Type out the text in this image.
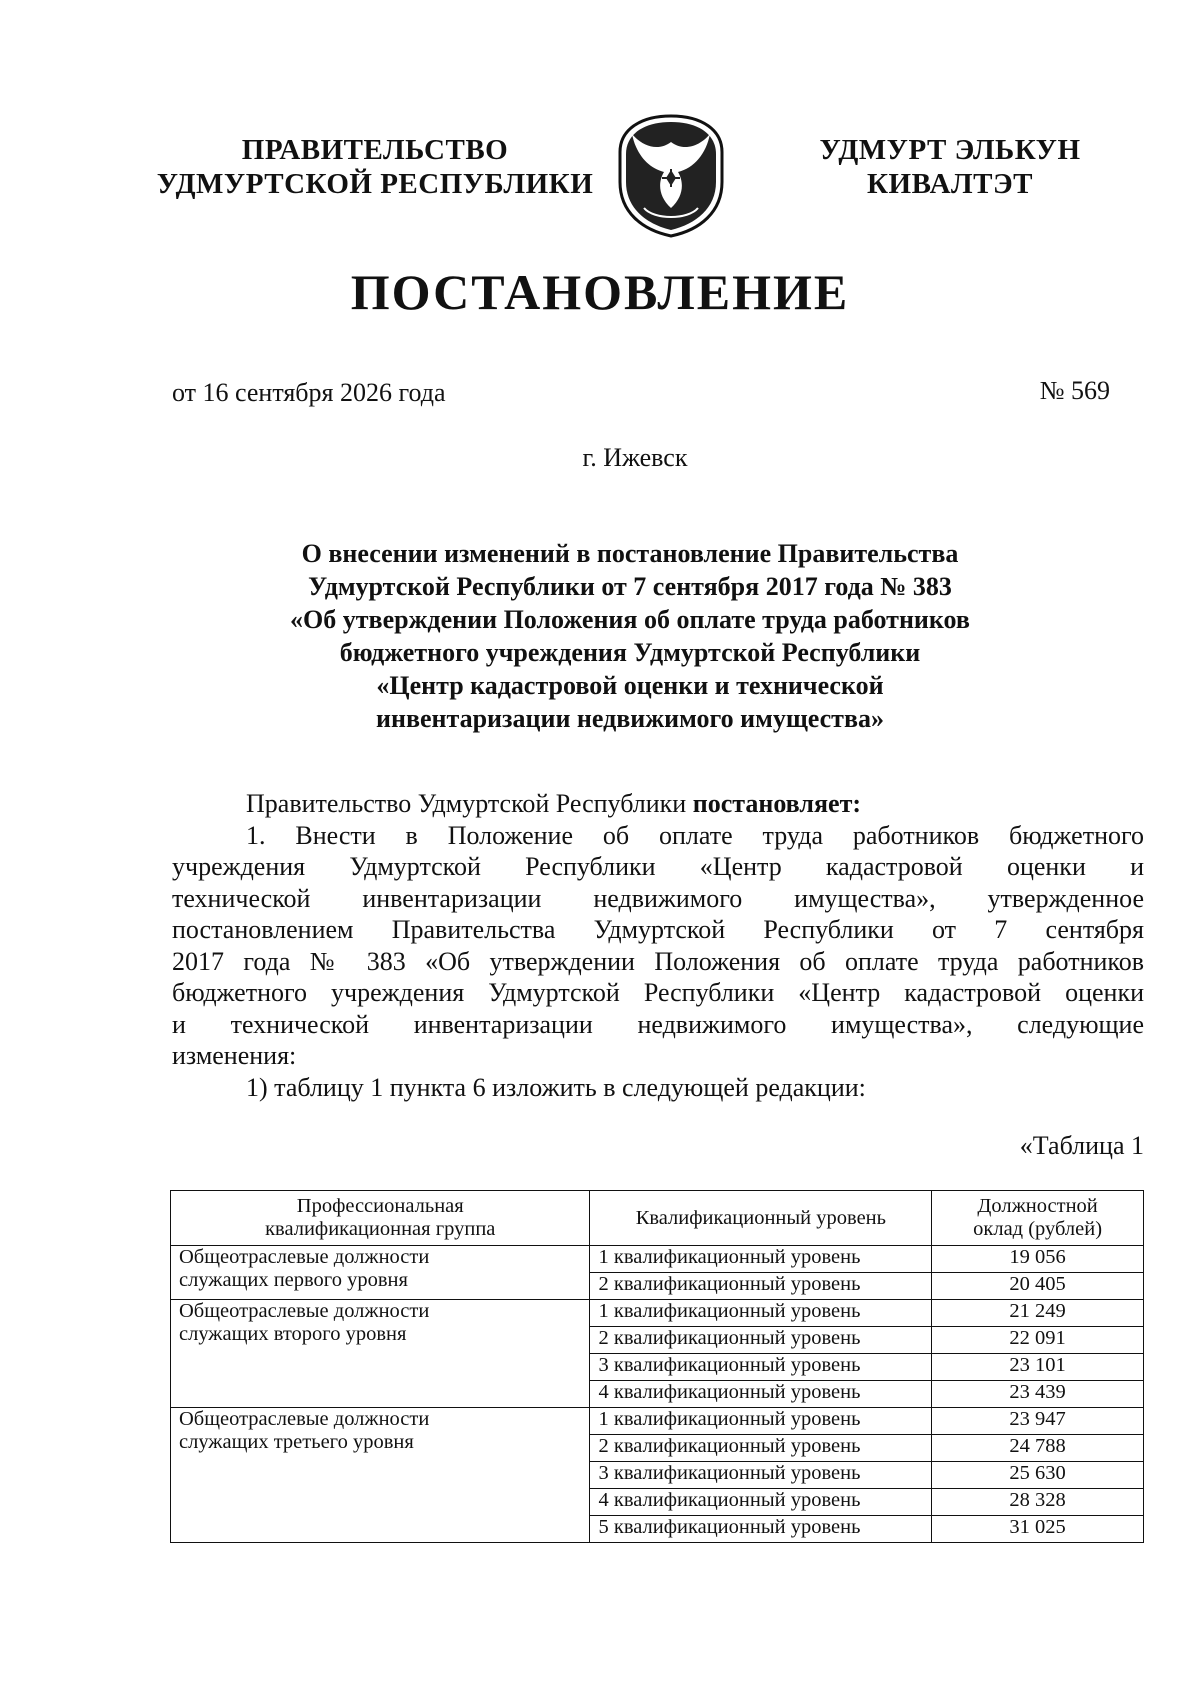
ПРАВИТЕЛЬСТВО
УДМУРТСКОЙ РЕСПУБЛИКИ
УДМУРТ ЭЛЬКУН
КИВАЛТЭТ
ПОСТАНОВЛЕНИЕ
от 16 сентября 2026 года	№ 569
г. Ижевск
О внесении изменений в постановление Правительства
Удмуртской Республики от 7 сентября 2017 года № 383
«Об утверждении Положения об оплате труда работников
бюджетного учреждения Удмуртской Республики
«Центр кадастровой оценки и технической
инвентаризации недвижимого имущества»
Правительство Удмуртской Республики постановляет:
1. Внести в Положение об оплате труда работников бюджетного
учреждения Удмуртской Республики «Центр кадастровой оценки и
технической инвентаризации недвижимого имущества», утвержденное
постановлением Правительства Удмуртской Республики от 7 сентября
2017 года № 383 «Об утверждении Положения об оплате труда работников
бюджетного учреждения Удмуртской Республики «Центр кадастровой оценки
и технической инвентаризации недвижимого имущества», следующие
изменения:
1) таблицу 1 пункта 6 изложить в следующей редакции:
«Таблица 1
Профессиональная квалификационная группа	Квалификационный уровень	Должностной оклад (рублей)
Общеотраслевые должности служащих первого уровня	1 квалификационный уровень	19 056
	2 квалификационный уровень	20 405
Общеотраслевые должности служащих второго уровня	1 квалификационный уровень	21 249
	2 квалификационный уровень	22 091
	3 квалификационный уровень	23 101
	4 квалификационный уровень	23 439
Общеотраслевые должности служащих третьего уровня	1 квалификационный уровень	23 947
	2 квалификационный уровень	24 788
	3 квалификационный уровень	25 630
	4 квалификационный уровень	28 328
	5 квалификационный уровень	31 025
